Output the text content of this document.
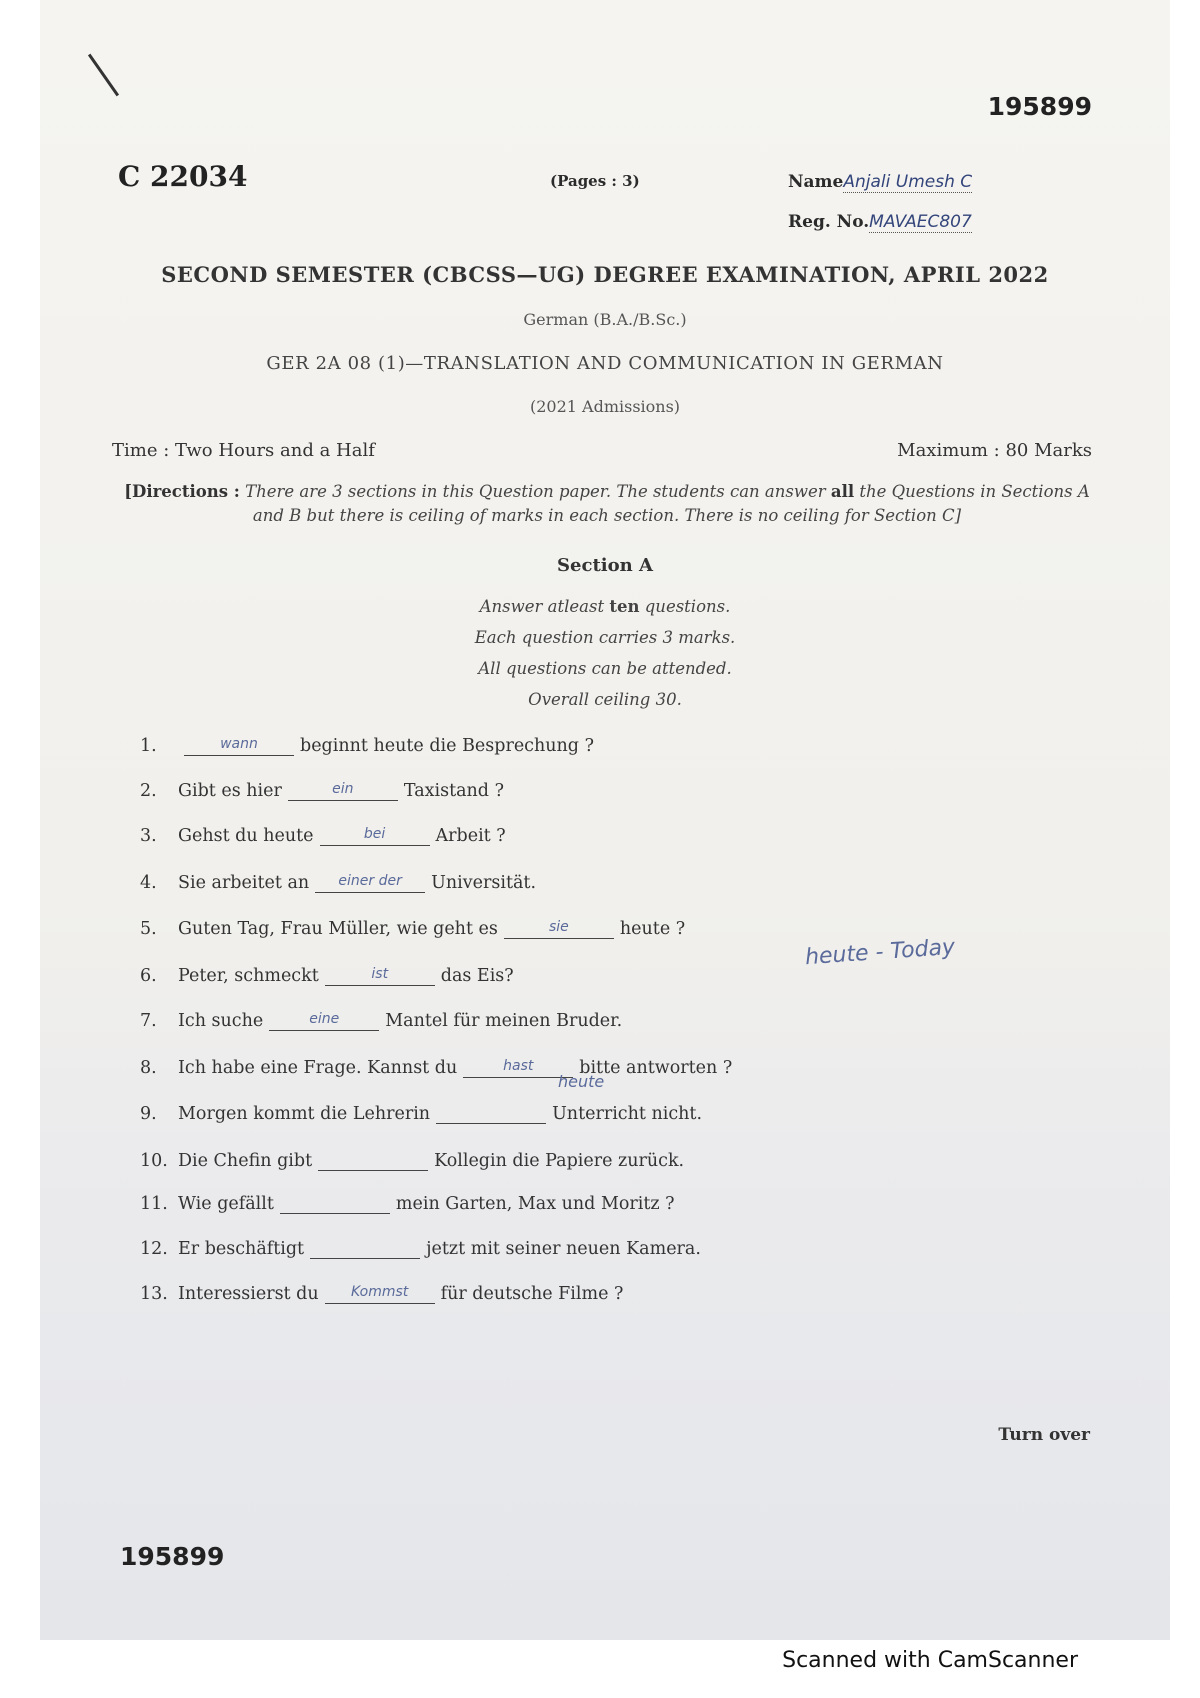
195899
C 22034	(Pages : 3)	NameAnjali Umesh C
Reg. No.MAVAEC807
SECOND SEMESTER (CBCSS—UG) DEGREE EXAMINATION, APRIL 2022
German (B.A./B.Sc.)
GER 2A 08 (1)—TRANSLATION AND COMMUNICATION IN GERMAN
(2021 Admissions)
Time : Two Hours and a Half	Maximum : 80 Marks
[Directions : There are 3 sections in this Question paper. The students can answer all the Questions in Sections A and B but there is ceiling of marks in each section. There is no ceiling for Section C]
Section A
Answer atleast ten questions.
Each question carries 3 marks.
All questions can be attended.
Overall ceiling 30.
1.	wann	beginnt heute die Besprechung ?
2.	Gibt es hier	ein	Taxistand ?
3.	Gehst du heute	bei	Arbeit ?
4.	Sie arbeitet an	einer der	Universität.
5.	Guten Tag, Frau Müller, wie geht es	sie	heute ?
6.	Peter, schmeckt	ist	das Eis?
7.	Ich suche	eine	Mantel für meinen Bruder.
8.	Ich habe eine Frage. Kannst du	hast	bitte antworten ?
9.	Morgen kommt die Lehrerin	Unterricht nicht.
10. Die Chefin gibt	Kollegin die Papiere zurück.
11. Wie gefällt	mein Garten, Max und Moritz ?
12. Er beschäftigt	jetzt mit seiner neuen Kamera.
13. Interessierst du	Kommst	für deutsche Filme ?
heute - Today
heute
Turn over
195899
Scanned with CamScanner
